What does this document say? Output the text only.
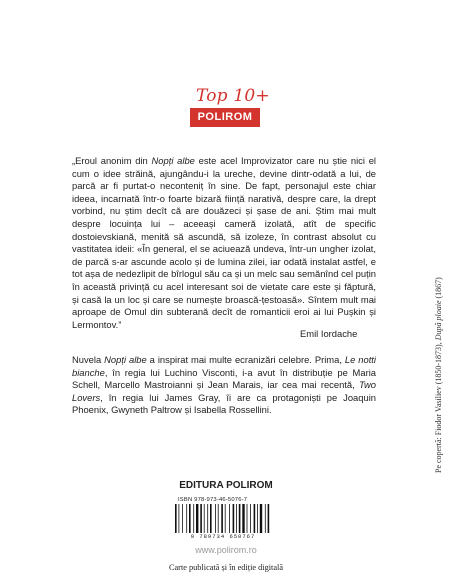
Top 10+
POLIROM

„Eroul anonim din Nopți albe este acel Improvizator care nu știe nici el cum o idee străină, ajungându-i la ureche, devine dintr-odată a lui, de parcă ar fi purtat-o neconteniț în sine. De fapt, personajul este chiar ideea, incarnată într-o foarte bizară ființă narativă, despre care, la drept vorbind, nu știm decît că are douăzeci și șase de ani. Știm mai mult despre locuința lui – aceeași cameră izolată, atît de specific dostoievskiană, menită să ascundă, să izoleze, în contrast absolut cu vastitatea ideii: «În general, el se aciuează undeva, într-un ungher izolat, de parcă s-ar ascunde acolo și de lumina zilei, iar odată instalat astfel, e tot așa de nedezlipit de bîrlogul său ca și un melc sau semănînd cel puțin în această privință cu acel interesant soi de vietate care este și făptură, și casă la un loc și care se numește broască-țestoasă». Sîntem mult mai aproape de Omul din subterană decît de romanticii eroi ai lui Pușkin și Lermontov.”

Emil Iordache

Nuvela Nopți albe a inspirat mai multe ecranizări celebre. Prima, Le notti bianche, în regia lui Luchino Visconti, i-a avut în distribuție pe Maria Schell, Marcello Mastroianni și Jean Marais, iar cea mai recentă, Two Lovers, în regia lui James Gray, îi are ca protagoniști pe Joaquin Phoenix, Gwyneth Paltrow și Isabella Rossellini.

EDITURA POLIROM
ISBN 978-973-46-5076-7
9 789734 650767
www.polirom.ro
Carte publicată și în ediție digitală
Pe copertă: Fiodor Vasiliev (1850-1873), După ploaie (1867)
